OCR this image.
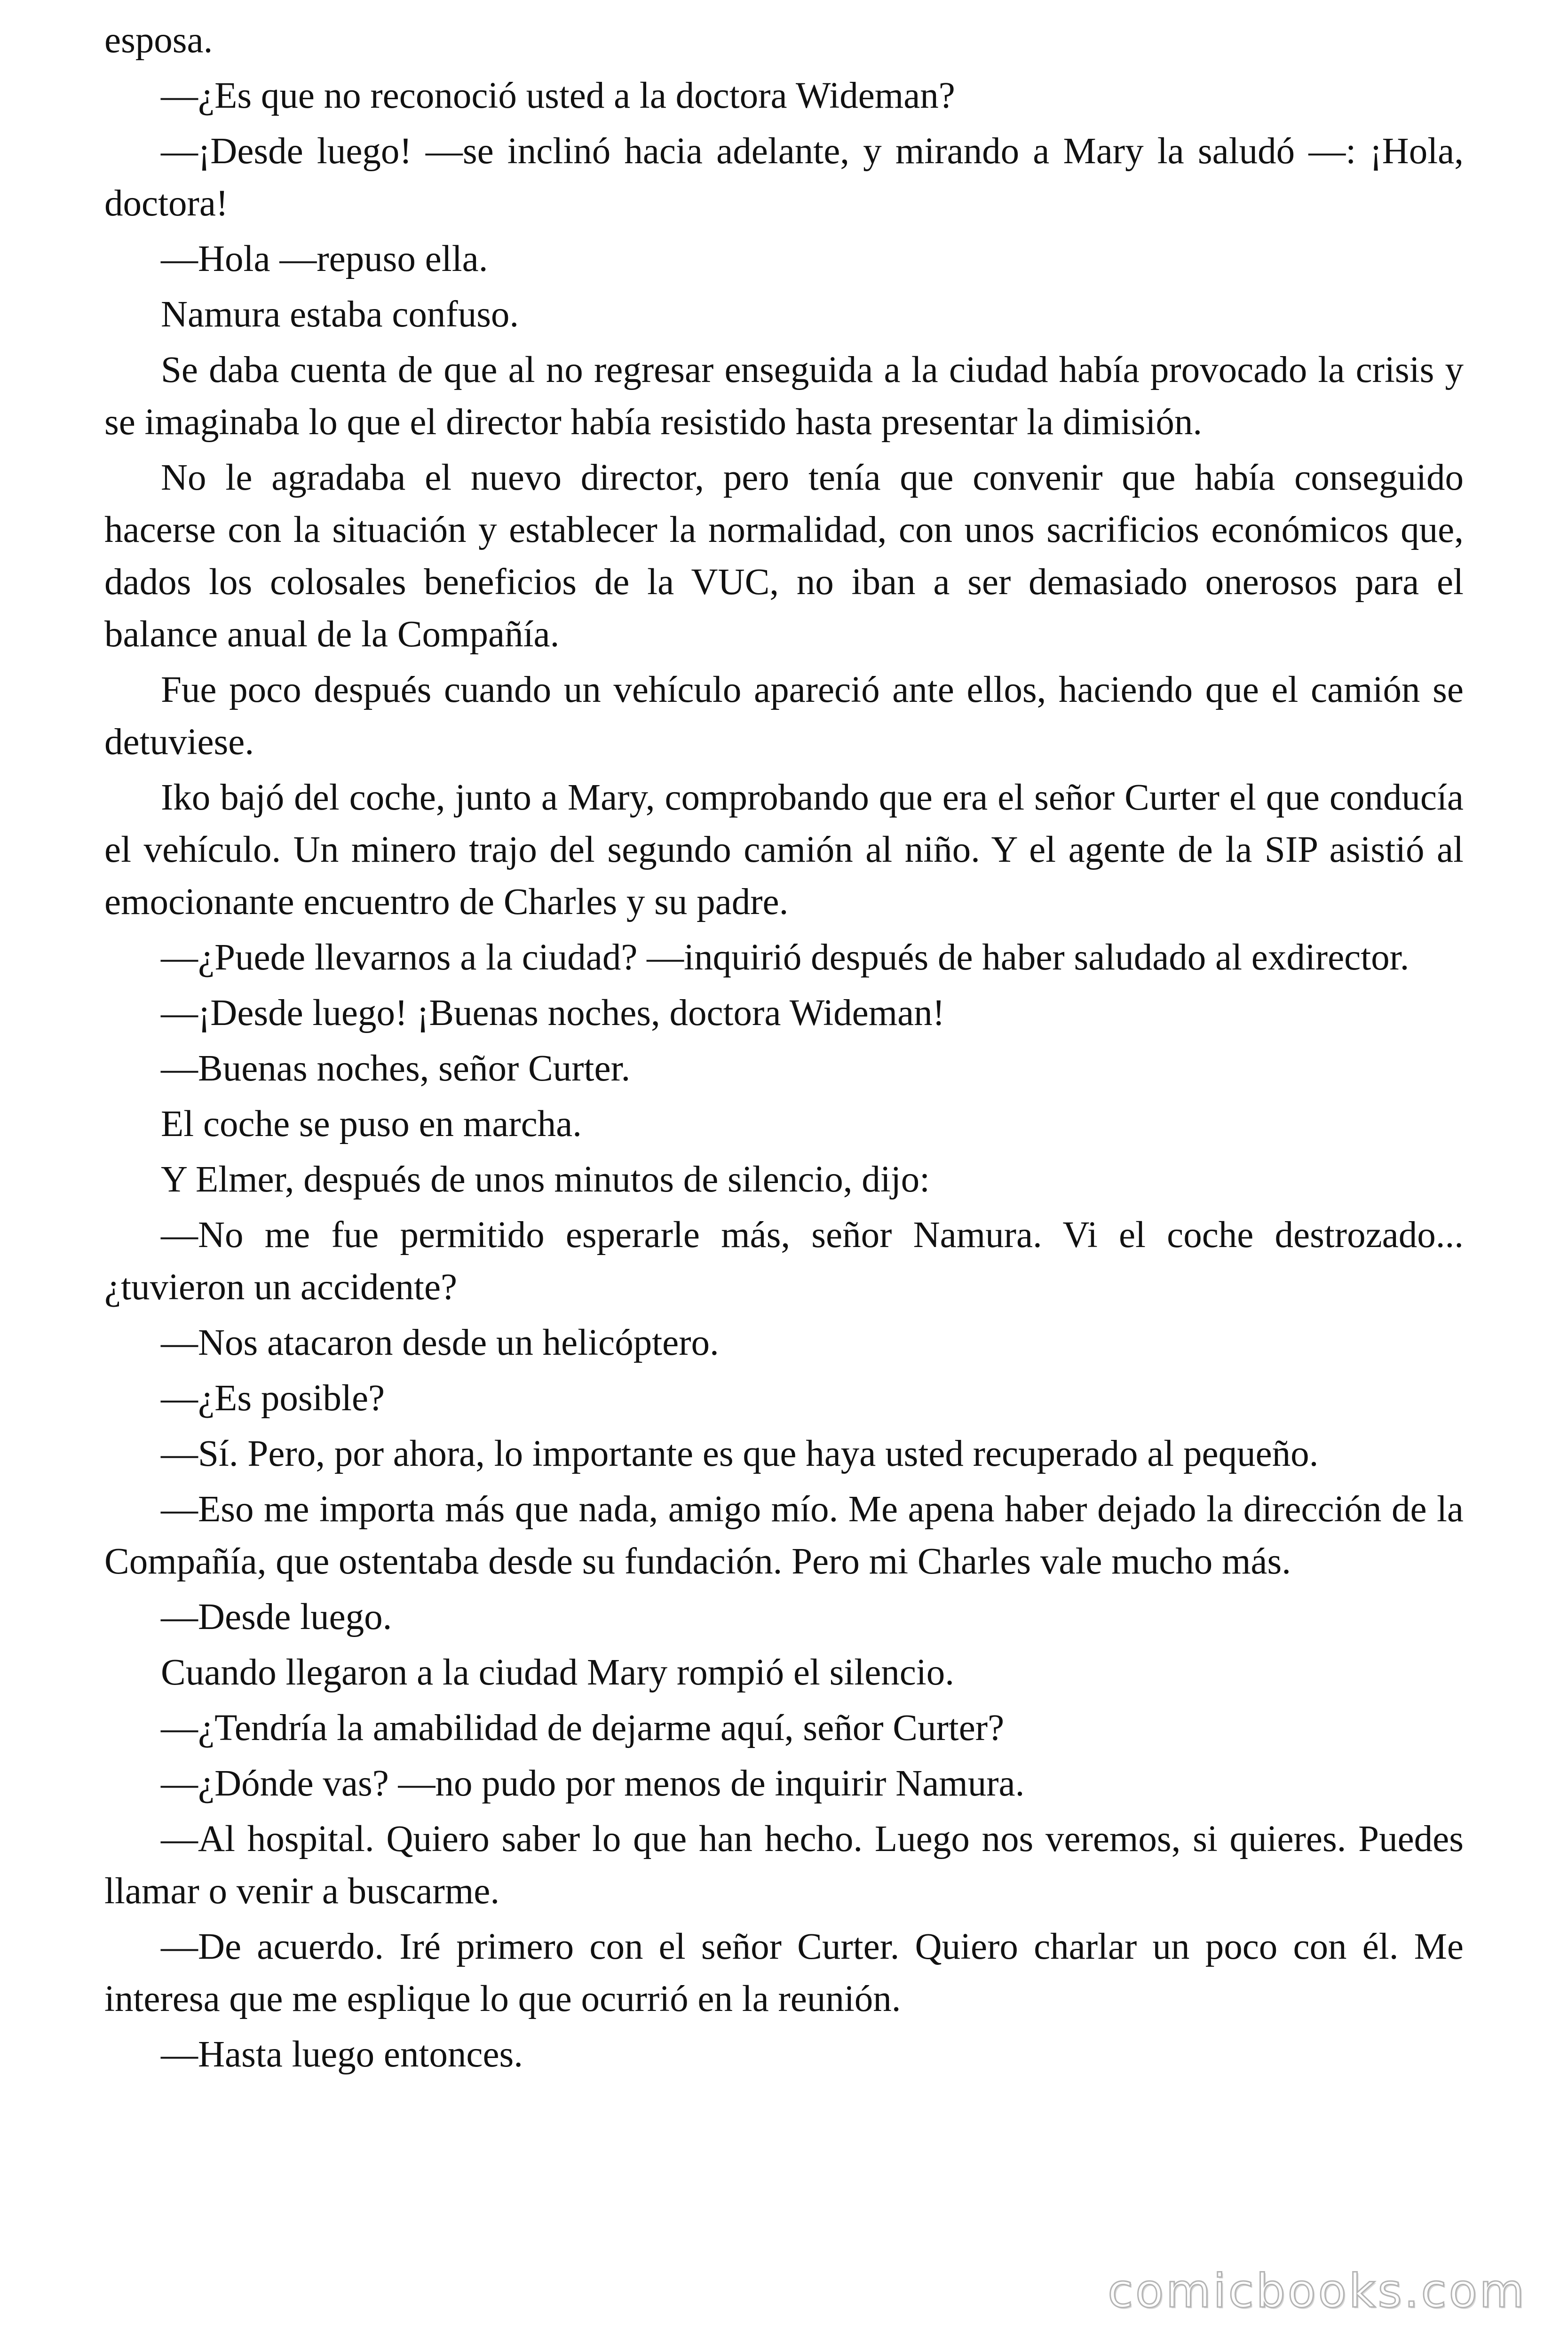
esposa.

—¿Es que no reconoció usted a la doctora Wideman?

—¡Desde luego! —se inclinó hacia adelante, y mirando a Mary la saludó —: ¡Hola, doctora!

—Hola —repuso ella.

Namura estaba confuso.

Se daba cuenta de que al no regresar enseguida a la ciudad había provocado la crisis y se imaginaba lo que el director había resistido hasta presentar la dimisión.

No le agradaba el nuevo director, pero tenía que convenir que había conseguido hacerse con la situación y establecer la normalidad, con unos sacrificios económicos que, dados los colosales beneficios de la VUC, no iban a ser demasiado onerosos para el balance anual de la Compañía.

Fue poco después cuando un vehículo apareció ante ellos, haciendo que el camión se detuviese.

Iko bajó del coche, junto a Mary, comprobando que era el señor Curter el que conducía el vehículo. Un minero trajo del segundo camión al niño. Y el agente de la SIP asistió al emocionante encuentro de Charles y su padre.

—¿Puede llevarnos a la ciudad? —inquirió después de haber saludado al exdirector.

—¡Desde luego! ¡Buenas noches, doctora Wideman!

—Buenas noches, señor Curter.

El coche se puso en marcha.

Y Elmer, después de unos minutos de silencio, dijo:

—No me fue permitido esperarle más, señor Namura. Vi el coche destrozado... ¿tuvieron un accidente?

—Nos atacaron desde un helicóptero.

—¿Es posible?

—Sí. Pero, por ahora, lo importante es que haya usted recuperado al pequeño.

—Eso me importa más que nada, amigo mío. Me apena haber dejado la dirección de la Compañía, que ostentaba desde su fundación. Pero mi Charles vale mucho más.

—Desde luego.

Cuando llegaron a la ciudad Mary rompió el silencio.

—¿Tendría la amabilidad de dejarme aquí, señor Curter?

—¿Dónde vas? —no pudo por menos de inquirir Namura.

—Al hospital. Quiero saber lo que han hecho. Luego nos veremos, si quieres. Puedes llamar o venir a buscarme.

—De acuerdo. Iré primero con el señor Curter. Quiero charlar un poco con él. Me interesa que me esplique lo que ocurrió en la reunión.

—Hasta luego entonces.

comicbooks.com
